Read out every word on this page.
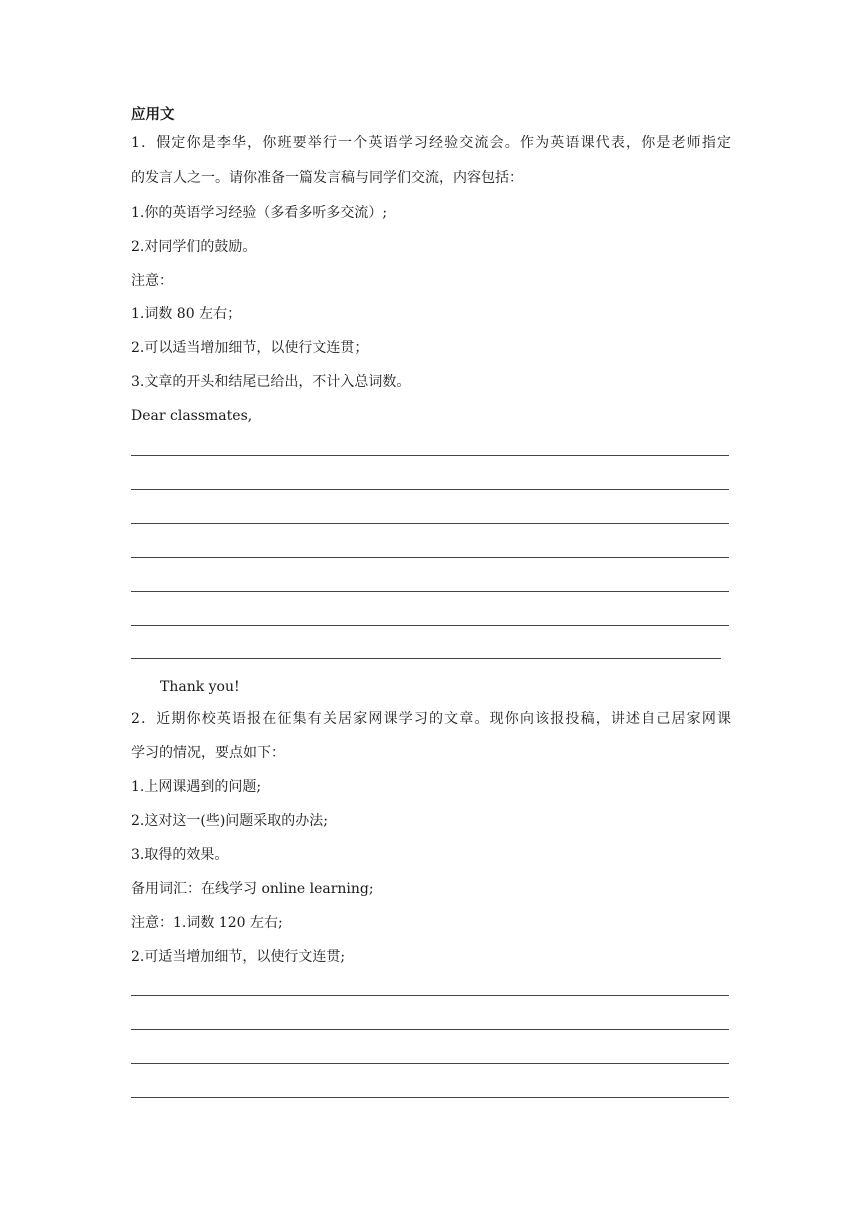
应用文
1．假定你是李华，你班要举行一个英语学习经验交流会。作为英语课代表，你是老师指定
的发言人之一。请你准备一篇发言稿与同学们交流，内容包括：
1.你的英语学习经验（多看多听多交流）;
2.对同学们的鼓励。
注意：
1.词数 80 左右；
2.可以适当增加细节，以使行文连贯；
3.文章的开头和结尾已给出，不计入总词数。
Dear classmates,
Thank you!
2．近期你校英语报在征集有关居家网课学习的文章。现你向该报投稿，讲述自己居家网课
学习的情况，要点如下：
1.上网课遇到的问题;
2.这对这一(些)问题采取的办法;
3.取得的效果。
备用词汇：在线学习 online learning;
注意：1.词数 120 左右;
2.可适当增加细节，以使行文连贯;
